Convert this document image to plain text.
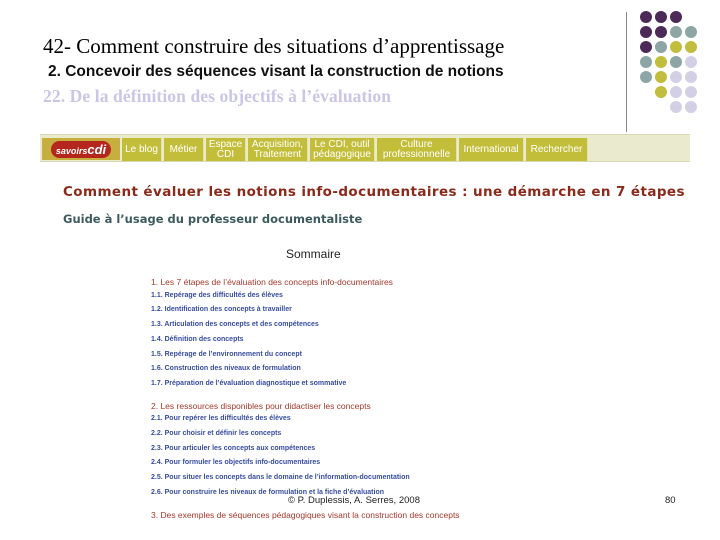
42- Comment construire des situations d’apprentissage
2. Concevoir des séquences visant la construction de notions
22. De la définition des objectifs à l’évaluation
savoirscdi	Le blog	Métier	Espace
CDI
Acquisition,
Traitement
Le CDI, outil
pédagogique
Culture
professionnelle	International	Rechercher
Comment évaluer les notions info-documentaires : une démarche en 7 étapes
Guide à l’usage du professeur documentaliste
Sommaire
1. Les 7 étapes de l’évaluation des concepts info-documentaires
1.1. Repérage des difficultés des élèves
1.2. Identification des concepts à travailler
1.3. Articulation des concepts et des compétences
1.4. Définition des concepts
1.5. Repérage de l’environnement du concept
1.6. Construction des niveaux de formulation
1.7. Préparation de l’évaluation diagnostique et sommative
2. Les ressources disponibles pour didactiser les concepts
2.1. Pour repérer les difficultés des élèves
2.2. Pour choisir et définir les concepts
2.3. Pour articuler les concepts aux compétences
2.4. Pour formuler les objectifs info-documentaires
2.5. Pour situer les concepts dans le domaine de l’information-documentation
2.6. Pour construire les niveaux de formulation et la fiche d’évaluation
3. Des exemples de séquences pédagogiques visant la construction des concepts
© P. Duplessis, A. Serres, 2008	80
